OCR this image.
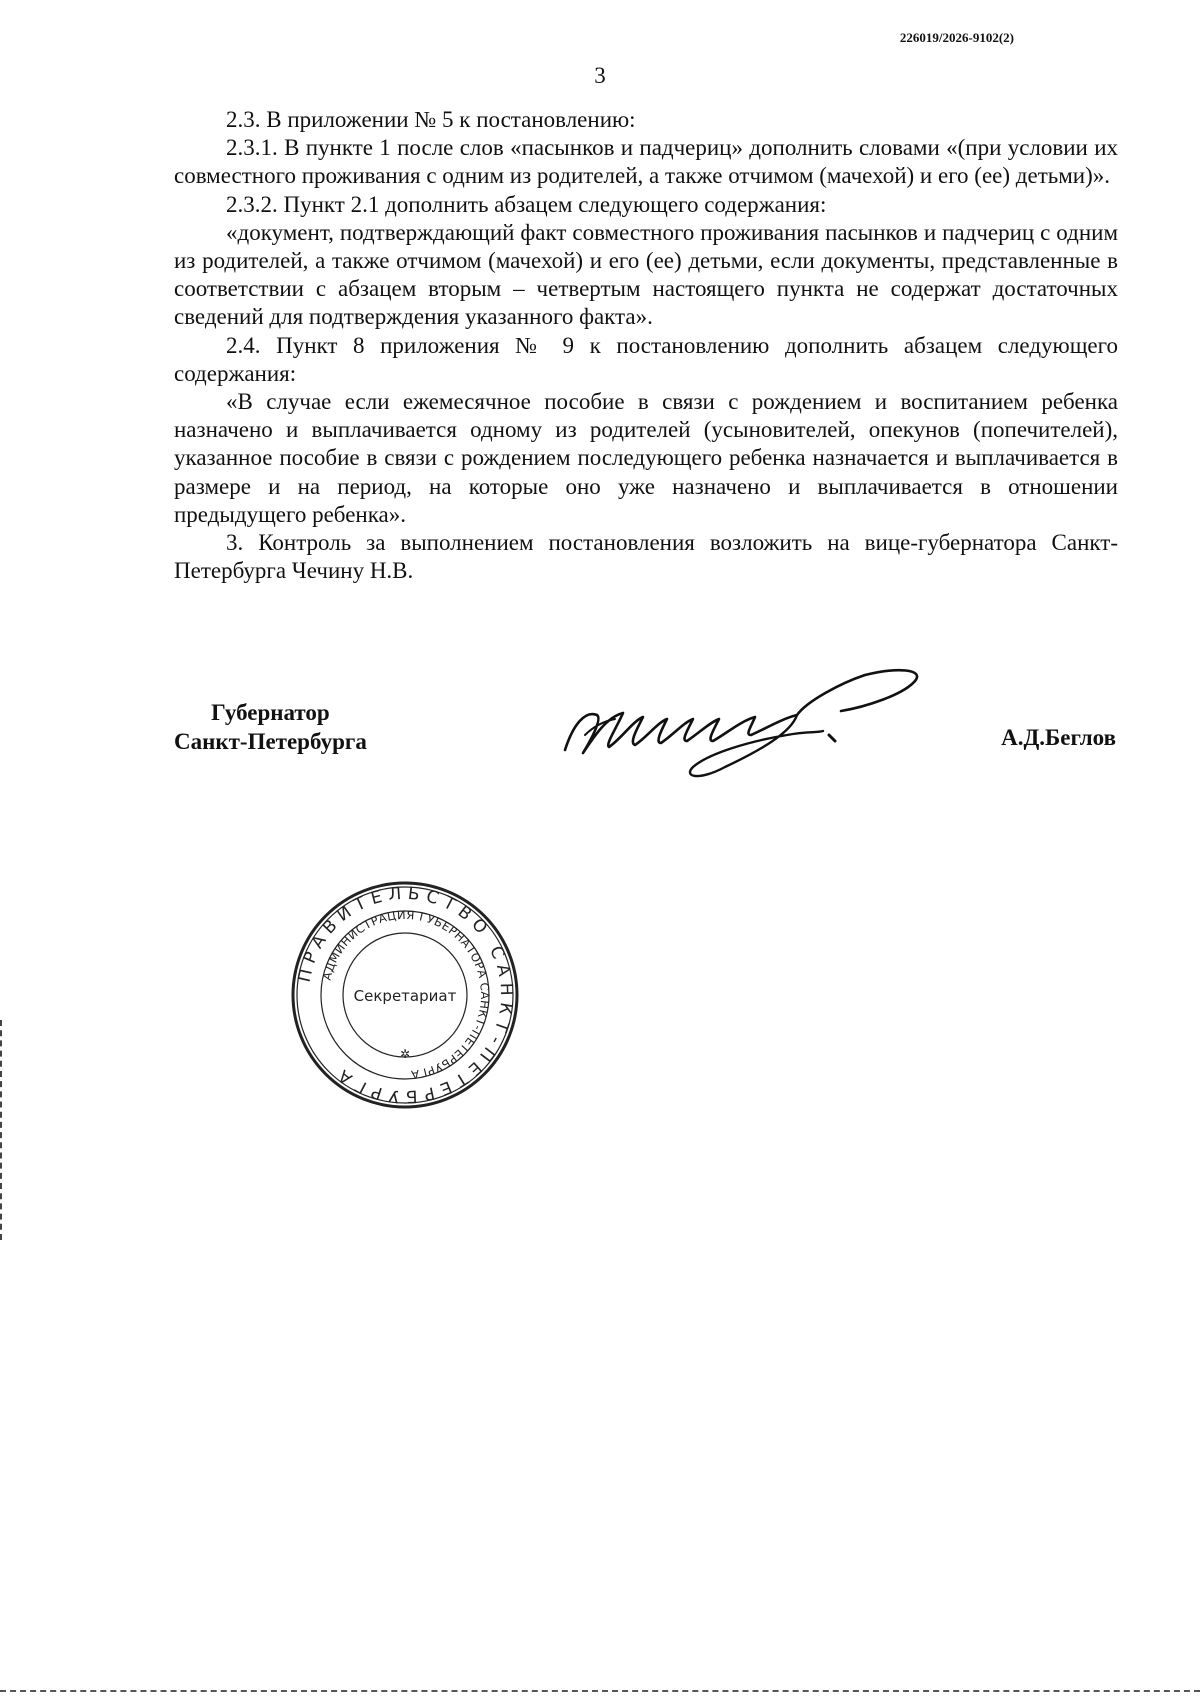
226019/2026-9102(2)
3

2.3. В приложении № 5 к постановлению:

2.3.1. В пункте 1 после слов «пасынков и падчериц» дополнить словами «(при условии их совместного проживания с одним из родителей, а также отчимом (мачехой) и его (ее) детьми)».

2.3.2. Пункт 2.1 дополнить абзацем следующего содержания:

«документ, подтверждающий факт совместного проживания пасынков и падчериц с одним из родителей, а также отчимом (мачехой) и его (ее) детьми, если документы, представленные в соответствии с абзацем вторым – четвертым настоящего пункта не содержат достаточных сведений для подтверждения указанного факта».

2.4. Пункт 8 приложения № 9 к постановлению дополнить абзацем следующего содержания:

«В случае если ежемесячное пособие в связи с рождением и воспитанием ребенка назначено и выплачивается одному из родителей (усыновителей, опекунов (попечителей), указанное пособие в связи с рождением последующего ребенка назначается и выплачивается в размере и на период, на которые оно уже назначено и выплачивается в отношении предыдущего ребенка».

3. Контроль за выполнением постановления возложить на вице-губернатора Санкт-Петербурга Чечину Н.В.

Губернатор
Санкт-Петербурга	А.Д.Беглов
ПРАВИТЕЛЬСТВО САНКТ-ПЕТЕРБУРГА
АДМИНИСТРАЦИЯ ГУБЕРНАТОРА САНКТ-ПЕТЕРБУРГА
Секретариат
✲
